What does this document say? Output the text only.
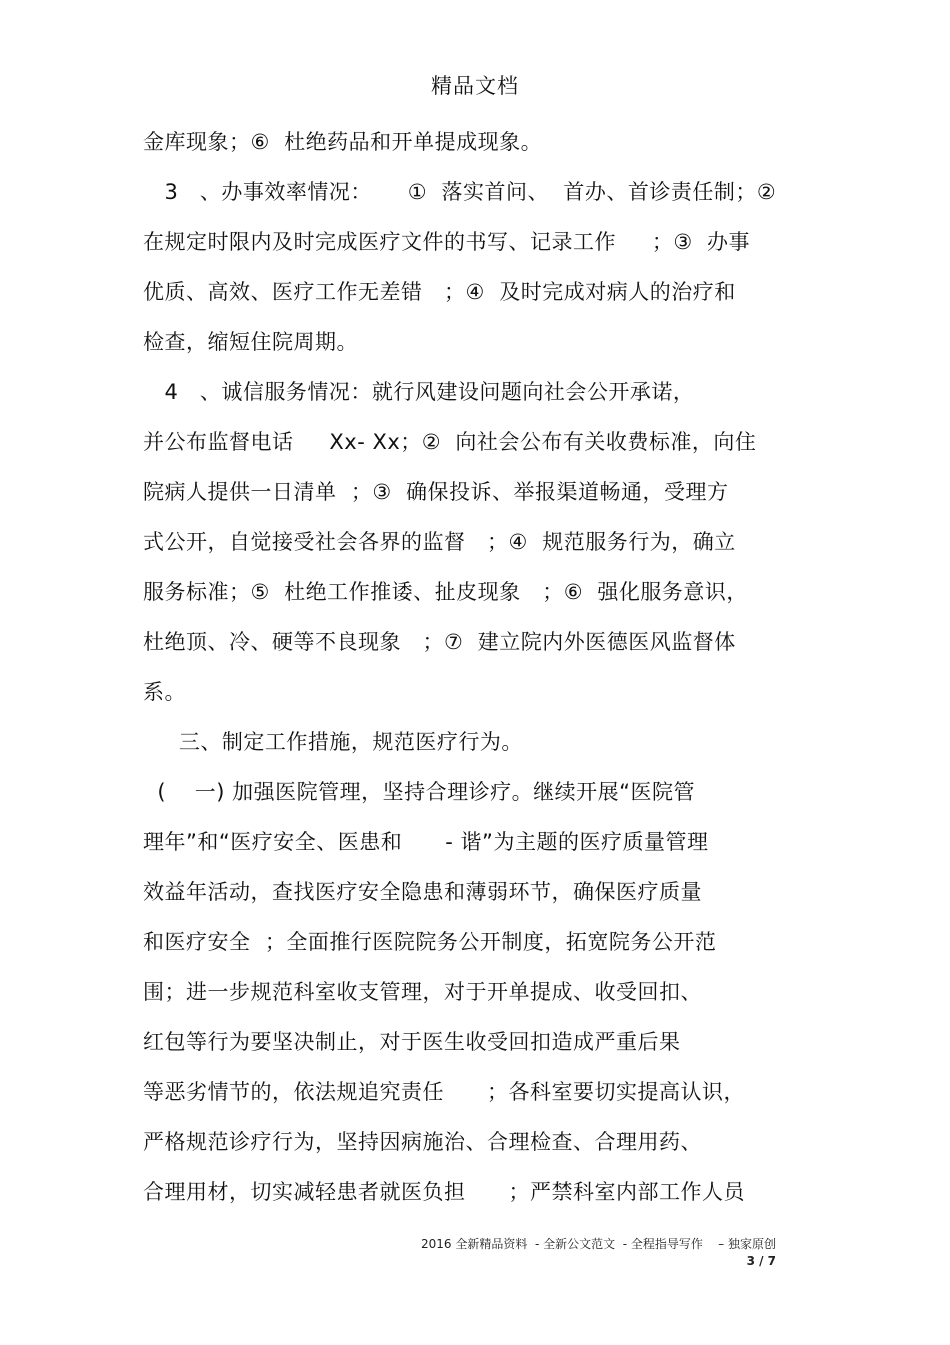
精品文档
金库现象；⑥  杜绝药品和开单提成现象。
3   、办事效率情况：     ①  落实首问、  首办、首诊责任制；②
在规定时限内及时完成医疗文件的书写、记录工作     ；③  办事
优质、高效、医疗工作无差错   ；④  及时完成对病人的治疗和
检查，缩短住院周期。
4   、诚信服务情况：就行风建设问题向社会公开承诺，
并公布监督电话     Xx- Xx；②  向社会公布有关收费标准，向住
院病人提供一日清单  ；③  确保投诉、举报渠道畅通，受理方
式公开，自觉接受社会各界的监督   ；④  规范服务行为，确立
服务标准；⑤  杜绝工作推诿、扯皮现象   ；⑥  强化服务意识，
杜绝顶、冷、硬等不良现象   ；⑦  建立院内外医德医风监督体
系。
三、制定工作措施，规范医疗行为。
(    一) 加强医院管理，坚持合理诊疗。继续开展“医院管
理年”和“医疗安全、医患和      - 谐”为主题的医疗质量管理
效益年活动，查找医疗安全隐患和薄弱环节，确保医疗质量
和医疗安全  ；全面推行医院院务公开制度，拓宽院务公开范
围；进一步规范科室收支管理，对于开单提成、收受回扣、
红包等行为要坚决制止，对于医生收受回扣造成严重后果
等恶劣情节的，依法规追究责任      ；各科室要切实提高认识，
严格规范诊疗行为，坚持因病施治、合理检查、合理用药、
合理用材，切实减轻患者就医负担      ；严禁科室内部工作人员
2016 全新精品资料  - 全新公文范文  - 全程指导写作    – 独家原创
3 / 7
